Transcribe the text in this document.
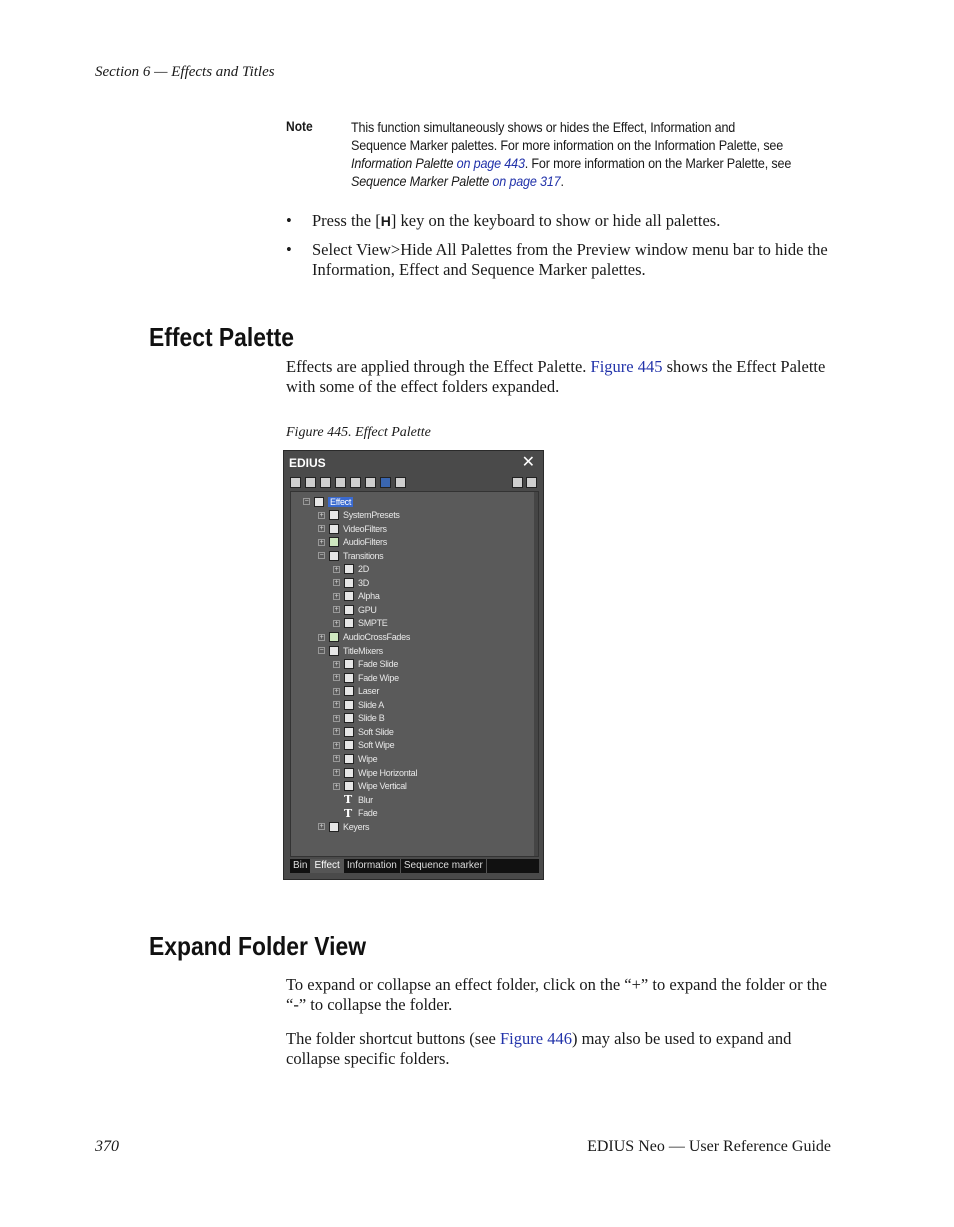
Section 6 — Effects and Titles
Note	This function simultaneously shows or hides the Effect, Information and Sequence Marker palettes. For more information on the Information Palette, see Information Palette on page 443. For more information on the Marker Palette, see Sequence Marker Palette on page 317.
• Press the [H] key on the keyboard to show or hide all palettes.
• Select View>Hide All Palettes from the Preview window menu bar to hide the Information, Effect and Sequence Marker palettes.
Effect Palette
Effects are applied through the Effect Palette. Figure 445 shows the Effect Palette with some of the effect folders expanded.
Figure 445. Effect Palette
EDIUS	✕
− Effect
+ SystemPresets
+ VideoFilters
+ AudioFilters
− Transitions
+ 2D
+ 3D
+ Alpha
+ GPU
+ SMPTE
+ AudioCrossFades
− TitleMixers
+ Fade Slide
+ Fade Wipe
+ Laser
+ Slide A
+ Slide B
+ Soft Slide
+ Soft Wipe
+ Wipe
+ Wipe Horizontal
+ Wipe Vertical
T Blur
T Fade
+ Keyers
Bin Effect Information Sequence marker
Expand Folder View
To expand or collapse an effect folder, click on the “+” to expand the folder or the “-” to collapse the folder.
The folder shortcut buttons (see Figure 446) may also be used to expand and collapse specific folders.
370	EDIUS Neo — User Reference Guide
